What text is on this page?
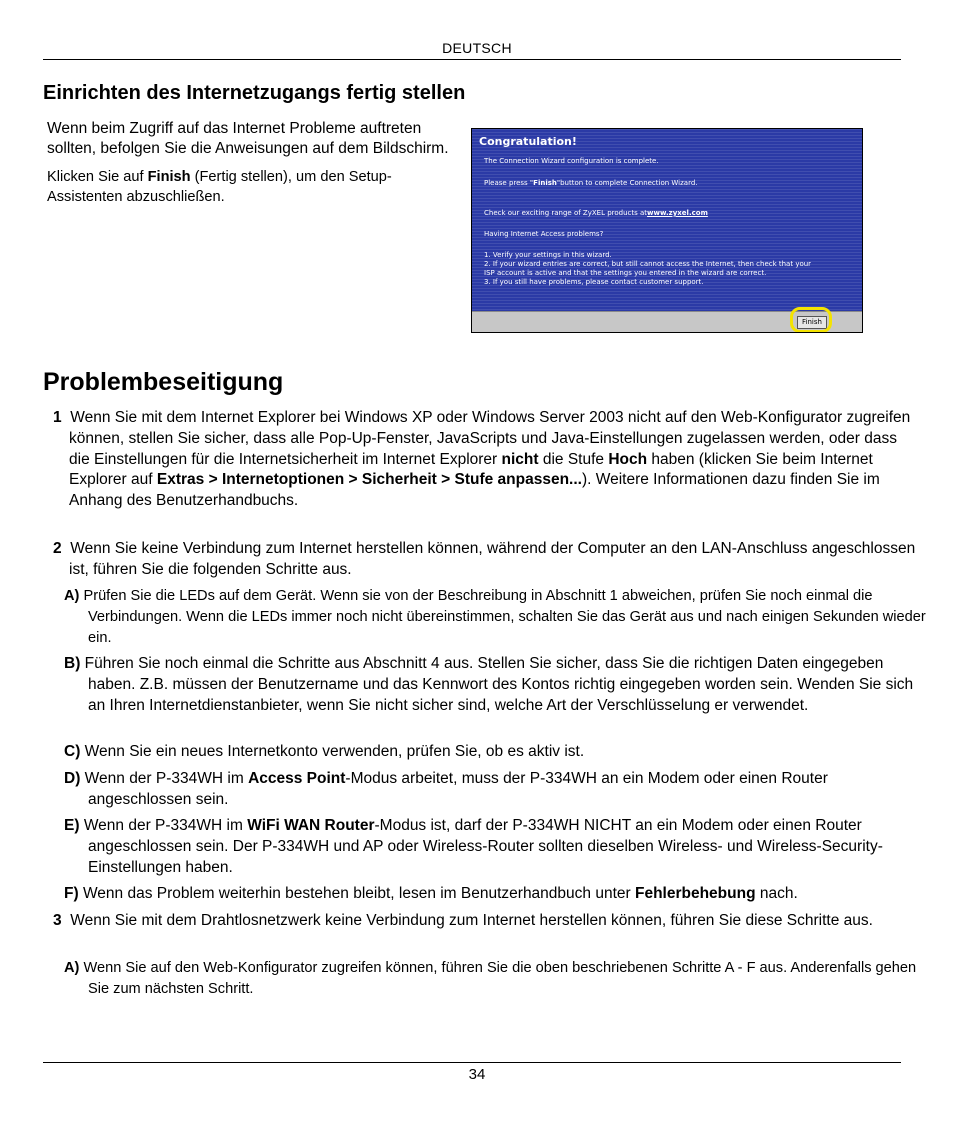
DEUTSCH
Einrichten des Internetzugangs fertig stellen

Wenn beim Zugriff auf das Internet Probleme auftreten sollten, befolgen Sie die Anweisungen auf dem Bildschirm.

Klicken Sie auf Finish (Fertig stellen), um den Setup-Assistenten abzuschließen.

Congratulation!
The Connection Wizard configuration is complete.
Please press "Finish"button to complete Connection Wizard.
Check our exciting range of ZyXEL products atwww.zyxel.com
Having Internet Access problems?
1. Verify your settings in this wizard.
2. If your wizard entries are correct, but still cannot access the Internet, then check that your
ISP account is active and that the settings you entered in the wizard are correct.
3. If you still have problems, please contact customer support.
Finish
Problembeseitigung
1 Wenn Sie mit dem Internet Explorer bei Windows XP oder Windows Server 2003 nicht auf den Web-Konfigurator zugreifen können, stellen Sie sicher, dass alle Pop-Up-Fenster, JavaScripts und Java-Einstellungen zugelassen werden, oder dass die Einstellungen für die Internetsicherheit im Internet Explorer nicht die Stufe Hoch haben (klicken Sie beim Internet Explorer auf Extras > Internetoptionen > Sicherheit > Stufe anpassen...). Weitere Informationen dazu finden Sie im Anhang des Benutzerhandbuchs.
2 Wenn Sie keine Verbindung zum Internet herstellen können, während der Computer an den LAN-Anschluss angeschlossen ist, führen Sie die folgenden Schritte aus.
A) Prüfen Sie die LEDs auf dem Gerät. Wenn sie von der Beschreibung in Abschnitt 1 abweichen, prüfen Sie noch einmal die Verbindungen. Wenn die LEDs immer noch nicht übereinstimmen, schalten Sie das Gerät aus und nach einigen Sekunden wieder ein.
B) Führen Sie noch einmal die Schritte aus Abschnitt 4 aus. Stellen Sie sicher, dass Sie die richtigen Daten eingegeben haben. Z.B. müssen der Benutzername und das Kennwort des Kontos richtig eingegeben worden sein. Wenden Sie sich an Ihren Internetdienstanbieter, wenn Sie nicht sicher sind, welche Art der Verschlüsselung er verwendet.
C) Wenn Sie ein neues Internetkonto verwenden, prüfen Sie, ob es aktiv ist.
D) Wenn der P-334WH im Access Point-Modus arbeitet, muss der P-334WH an ein Modem oder einen Router angeschlossen sein.
E) Wenn der P-334WH im WiFi WAN Router-Modus ist, darf der P-334WH NICHT an ein Modem oder einen Router angeschlossen sein. Der P-334WH und AP oder Wireless-Router sollten dieselben Wireless- und Wireless-Security-Einstellungen haben.
F) Wenn das Problem weiterhin bestehen bleibt, lesen im Benutzerhandbuch unter Fehlerbehebung nach.
3 Wenn Sie mit dem Drahtlosnetzwerk keine Verbindung zum Internet herstellen können, führen Sie diese Schritte aus.
A) Wenn Sie auf den Web-Konfigurator zugreifen können, führen Sie die oben beschriebenen Schritte A - F aus. Anderenfalls gehen Sie zum nächsten Schritt.
34
